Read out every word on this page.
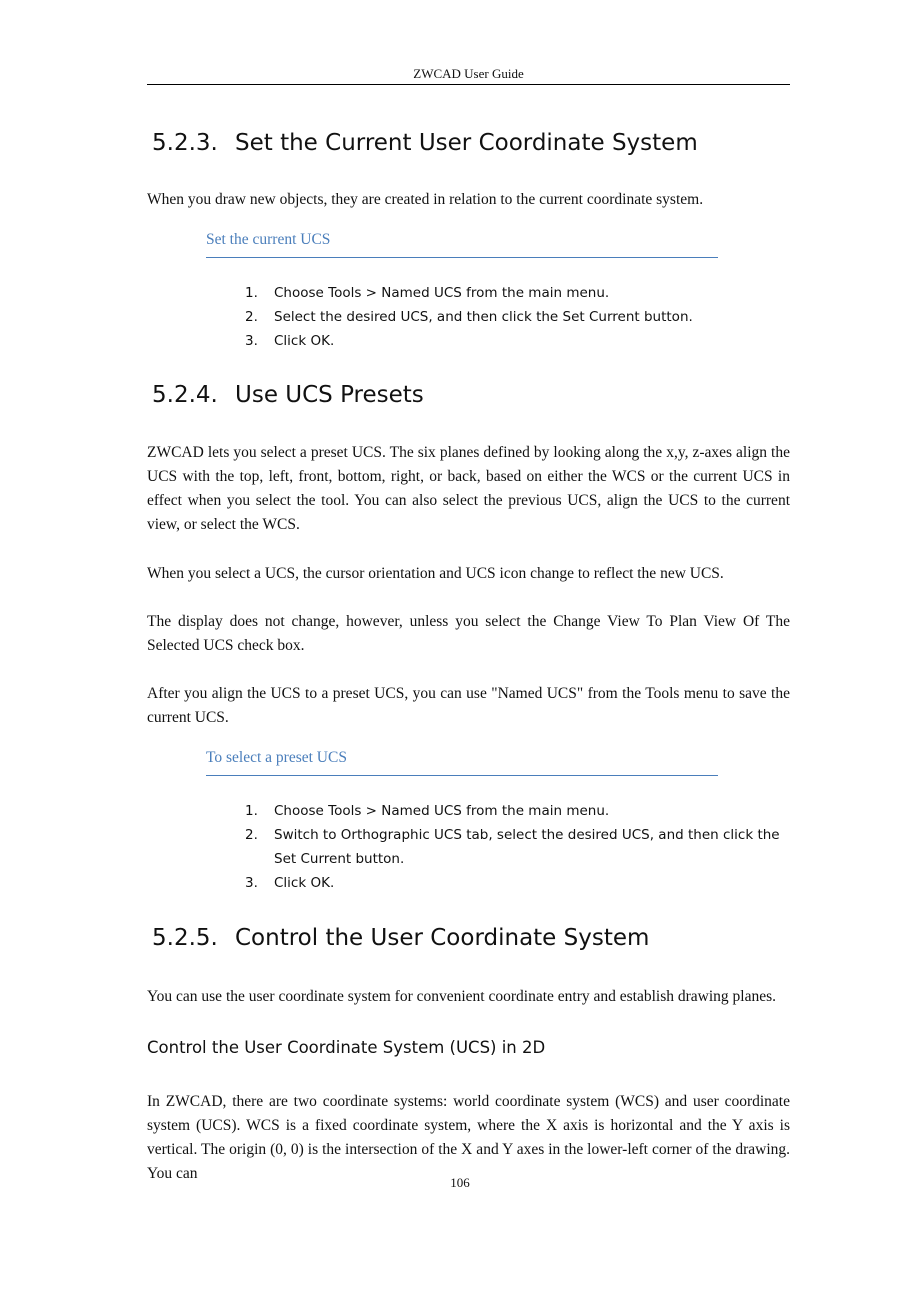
ZWCAD User Guide
5.2.3. Set the Current User Coordinate System

When you draw new objects, they are created in relation to the current coordinate system.

Set the current UCS
1.	Choose Tools > Named UCS from the main menu.
2.	Select the desired UCS, and then click the Set Current button.
3.	Click OK.
5.2.4. Use UCS Presets

ZWCAD lets you select a preset UCS. The six planes defined by looking along the x,y, z-axes align the UCS with the top, left, front, bottom, right, or back, based on either the WCS or the current UCS in effect when you select the tool. You can also select the previous UCS, align the UCS to the current view, or select the WCS.

When you select a UCS, the cursor orientation and UCS icon change to reflect the new UCS.

The display does not change, however, unless you select the Change View To Plan View Of The Selected UCS check box.

After you align the UCS to a preset UCS, you can use "Named UCS" from the Tools menu to save the current UCS.

To select a preset UCS
1.	Choose Tools > Named UCS from the main menu.
2.	Switch to Orthographic UCS tab, select the desired UCS, and then click the Set Current button.
3.	Click OK.
5.2.5. Control the User Coordinate System

You can use the user coordinate system for convenient coordinate entry and establish drawing planes.

Control the User Coordinate System (UCS) in 2D

In ZWCAD, there are two coordinate systems: world coordinate system (WCS) and user coordinate system (UCS). WCS is a fixed coordinate system, where the X axis is horizontal and the Y axis is vertical. The origin (0, 0) is the intersection of the X and Y axes in the lower-left corner of the drawing. You can

106
